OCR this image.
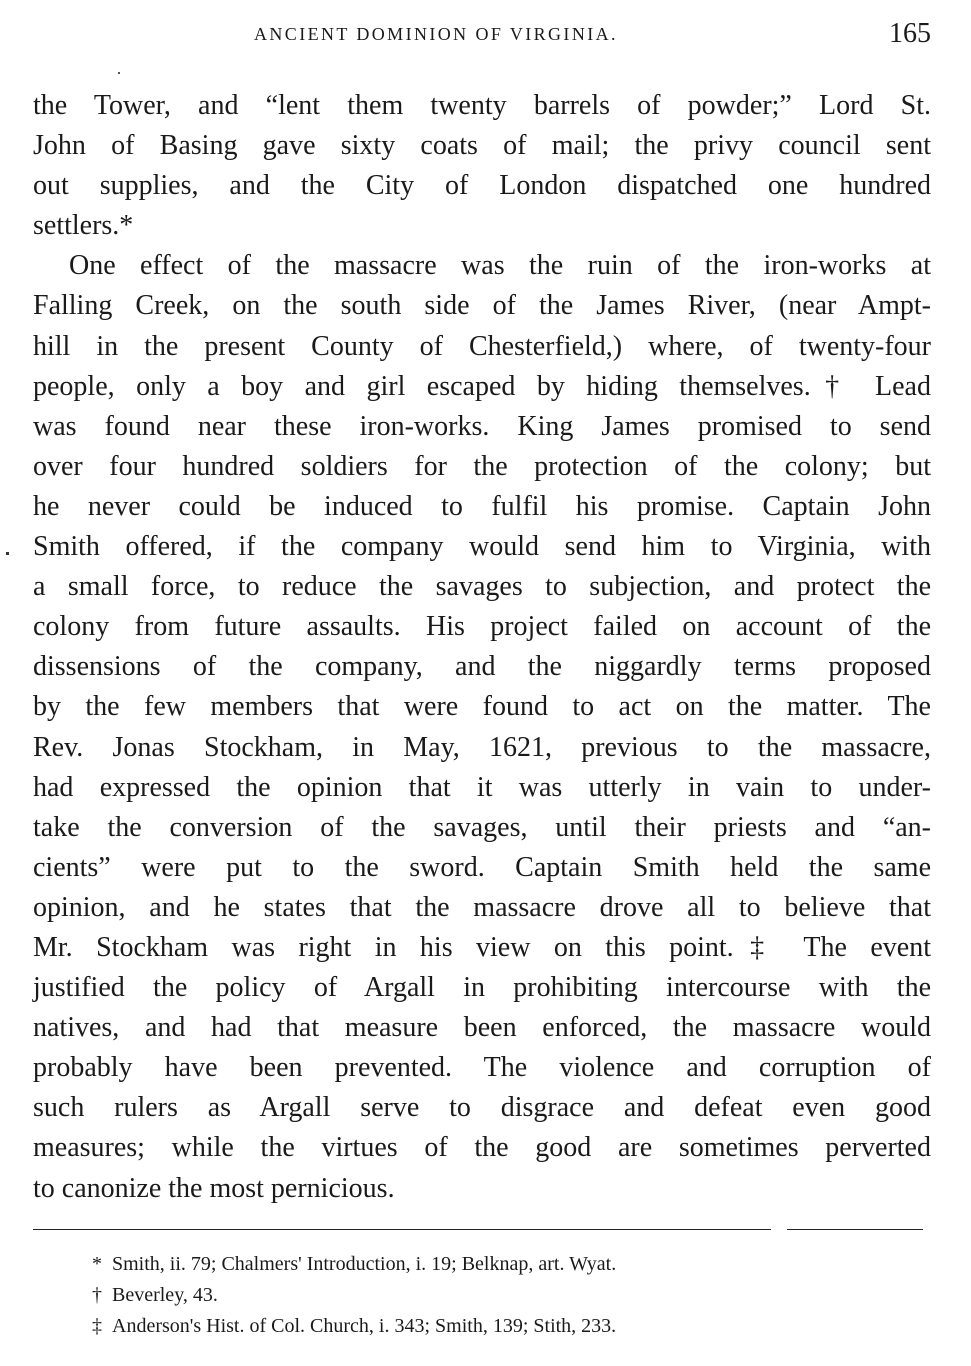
ANCIENT DOMINION OF VIRGINIA.	165
the Tower, and “lent them twenty barrels of powder;” Lord St.
John of Basing gave sixty coats of mail; the privy council sent
out supplies, and the City of London dispatched one hundred
settlers.*
One effect of the massacre was the ruin of the iron-works at
Falling Creek, on the south side of the James River, (near Ampt-
hill in the present County of Chesterfield,) where, of twenty-four
people, only a boy and girl escaped by hiding themselves.† Lead
was found near these iron-works. King James promised to send
over four hundred soldiers for the protection of the colony; but
he never could be induced to fulfil his promise. Captain John
Smith offered, if the company would send him to Virginia, with
a small force, to reduce the savages to subjection, and protect the
colony from future assaults. His project failed on account of the
dissensions of the company, and the niggardly terms proposed
by the few members that were found to act on the matter. The
Rev. Jonas Stockham, in May, 1621, previous to the massacre,
had expressed the opinion that it was utterly in vain to under-
take the conversion of the savages, until their priests and “an-
cients” were put to the sword. Captain Smith held the same
opinion, and he states that the massacre drove all to believe that
Mr. Stockham was right in his view on this point.‡ The event
justified the policy of Argall in prohibiting intercourse with the
natives, and had that measure been enforced, the massacre would
probably have been prevented. The violence and corruption of
such rulers as Argall serve to disgrace and defeat even good
measures; while the virtues of the good are sometimes perverted
to canonize the most pernicious.
* Smith, ii. 79; Chalmers' Introduction, i. 19; Belknap, art. Wyat.
† Beverley, 43.
‡ Anderson's Hist. of Col. Church, i. 343; Smith, 139; Stith, 233.
